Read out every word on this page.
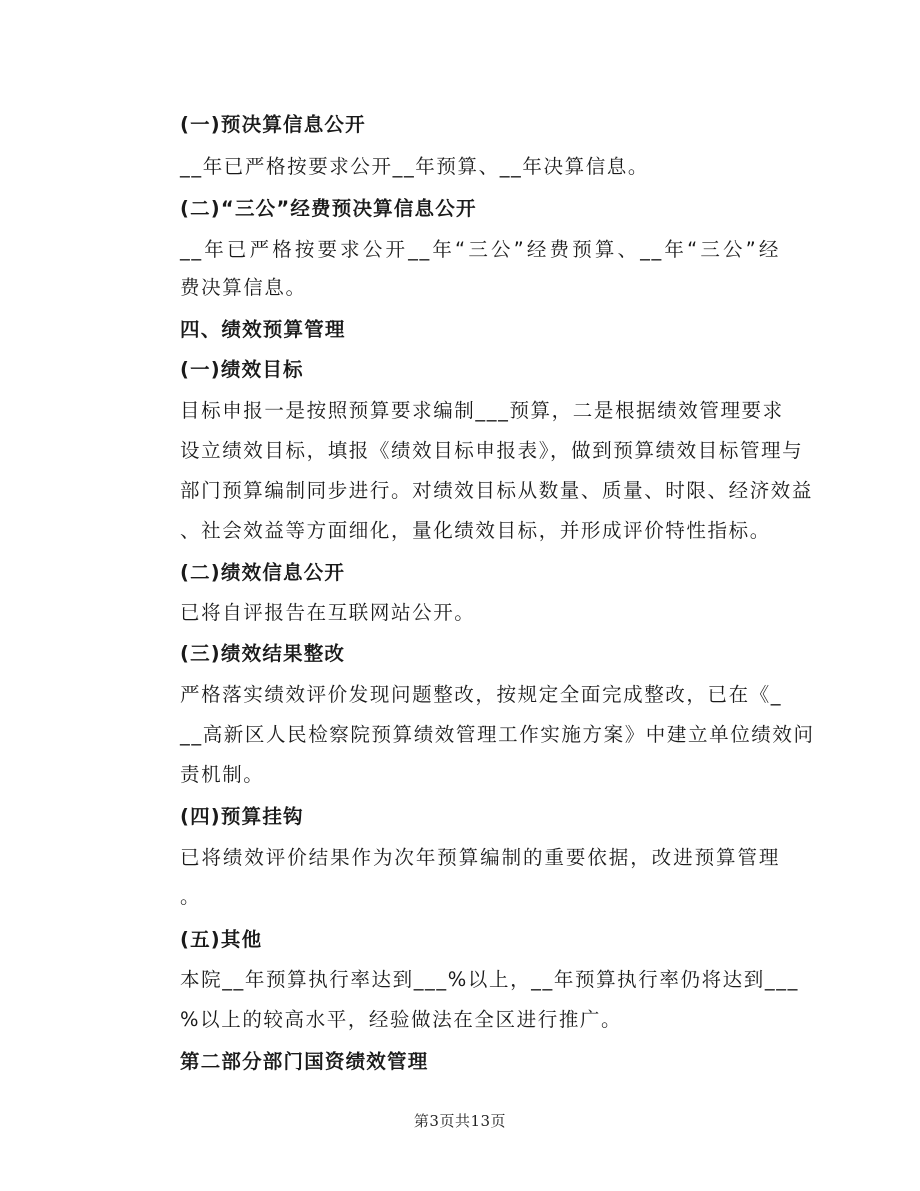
(一)预决算信息公开
__年已严格按要求公开__年预算、__年决算信息。
(二)“三公”经费预决算信息公开
__年已严格按要求公开__年“三公”经费预算、__年“三公”经
费决算信息。
四、绩效预算管理
(一)绩效目标
目标申报一是按照预算要求编制___预算，二是根据绩效管理要求
设立绩效目标，填报《绩效目标申报表》，做到预算绩效目标管理与
部门预算编制同步进行。对绩效目标从数量、质量、时限、经济效益
、社会效益等方面细化，量化绩效目标，并形成评价特性指标。
(二)绩效信息公开
已将自评报告在互联网站公开。
(三)绩效结果整改
严格落实绩效评价发现问题整改，按规定全面完成整改，已在《_
__高新区人民检察院预算绩效管理工作实施方案》中建立单位绩效问
责机制。
(四)预算挂钩
已将绩效评价结果作为次年预算编制的重要依据，改进预算管理
。
(五)其他
本院__年预算执行率达到___%以上，__年预算执行率仍将达到___
%以上的较高水平，经验做法在全区进行推广。
第二部分部门国资绩效管理
第3页共13页
